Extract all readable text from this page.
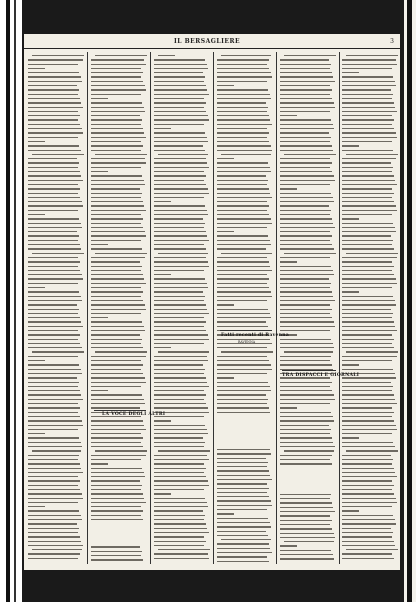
IL BERSAGLIERE	3
LA VOCE DEGLI ALTRI
Fatti recenti di Ravenna
RAVENNA
TRA DISPACCI E GIORNALI
